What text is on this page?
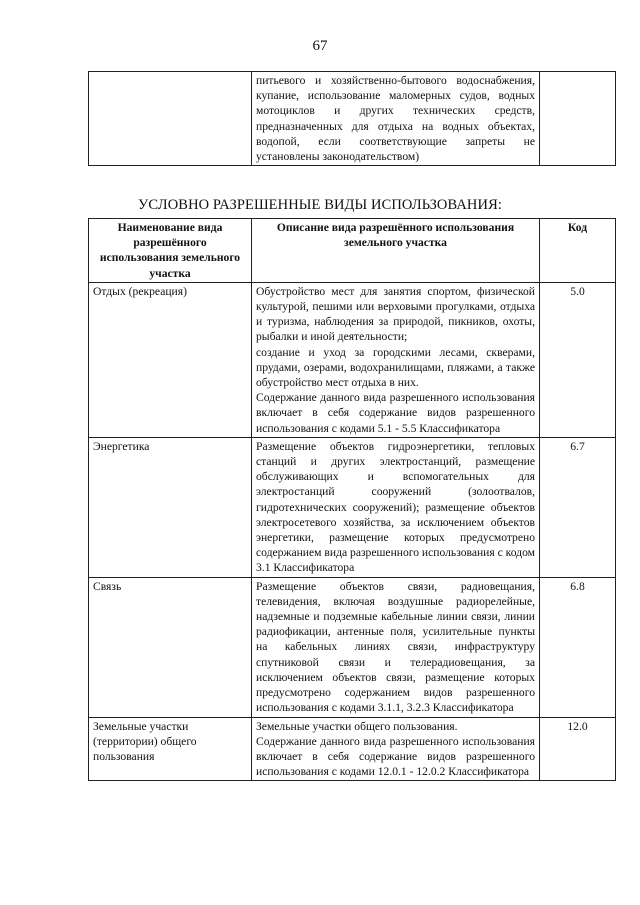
67
	питьевого и хозяйственно-бытового водоснабжения, купание, использование маломерных судов, водных мотоциклов и других технических средств, предназначенных для отдыха на водных объектах, водопой, если соответствующие запреты не установлены законодательством)	
УСЛОВНО РАЗРЕШЕННЫЕ ВИДЫ ИСПОЛЬЗОВАНИЯ:
Наименование вида разрешённого использования земельного участка	Описание вида разрешённого использования земельного участка	Код
Отдых (рекреация)	Обустройство мест для занятия спортом, физической культурой, пешими или верховыми прогулками, отдыха и туризма, наблюдения за природой, пикников, охоты, рыбалки и иной деятельности;

создание и уход за городскими лесами, скверами, прудами, озерами, водохранилищами, пляжами, а также обустройство мест отдыха в них.

Содержание данного вида разрешенного использования включает в себя содержание видов разрешенного использования с кодами 5.1 - 5.5 Классификатора	5.0
Энергетика	Размещение объектов гидроэнергетики, тепловых станций и других электростанций, размещение обслуживающих и вспомогательных для электростанций сооружений (золоотвалов, гидротехнических сооружений); размещение объектов электросетевого хозяйства, за исключением объектов энергетики, размещение которых предусмотрено содержанием вида разрешенного использования с кодом 3.1 Классификатора	6.7
Связь	Размещение объектов связи, радиовещания, телевидения, включая воздушные радиорелейные, надземные и подземные кабельные линии связи, линии радиофикации, антенные поля, усилительные пункты на кабельных линиях связи, инфраструктуру спутниковой связи и телерадиовещания, за исключением объектов связи, размещение которых предусмотрено содержанием видов разрешенного использования с кодами 3.1.1, 3.2.3 Классификатора	6.8
Земельные участки (территории) общего пользования	Земельные участки общего пользования.

Содержание данного вида разрешенного использования включает в себя содержание видов разрешенного использования с кодами 12.0.1 - 12.0.2 Классификатора	12.0
